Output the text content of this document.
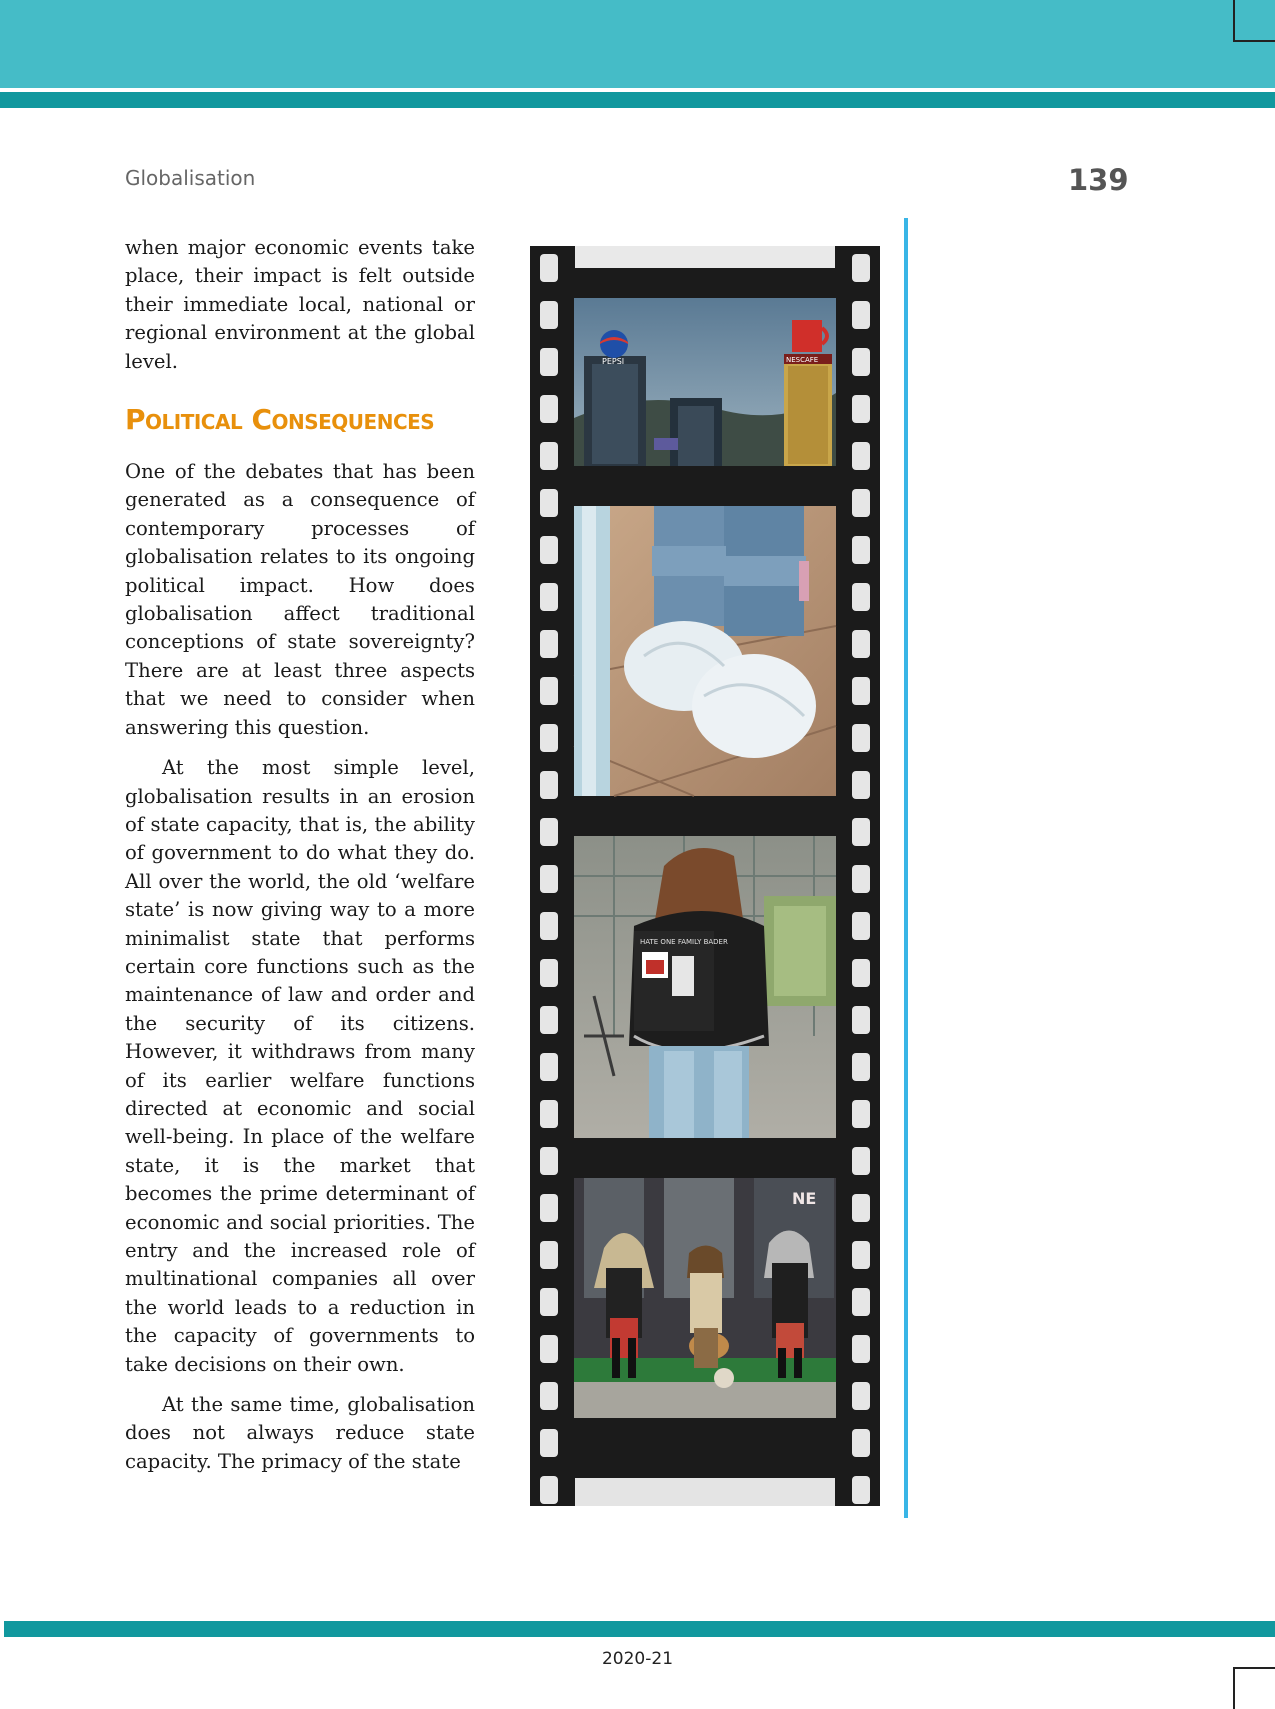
Globalisation	139

when major economic events take place, their impact is felt outside their immediate local, national or regional environment at the global level.

Political Consequences

One of the debates that has been generated as a consequence of contemporary processes of globalisation relates to its ongoing political impact. How does globalisation affect traditional conceptions of state sovereignty? There are at least three aspects that we need to consider when answering this question.

At the most simple level, globalisation results in an erosion of state capacity, that is, the ability of government to do what they do. All over the world, the old ‘welfare state’ is now giving way to a more minimalist state that performs certain core functions such as the maintenance of law and order and the security of its citizens. However, it withdraws from many of its earlier welfare functions directed at economic and social well-being. In place of the welfare state, it is the market that becomes the prime determinant of economic and social priorities. The entry and the increased role of multinational companies all over the world leads to a reduction in the capacity of governments to take decisions on their own.

At the same time, globalisation does not always reduce state capacity. The primacy of the state

PEPSI	NESCAFE
HATE ONE FAMILY BADER
NE
2020-21
